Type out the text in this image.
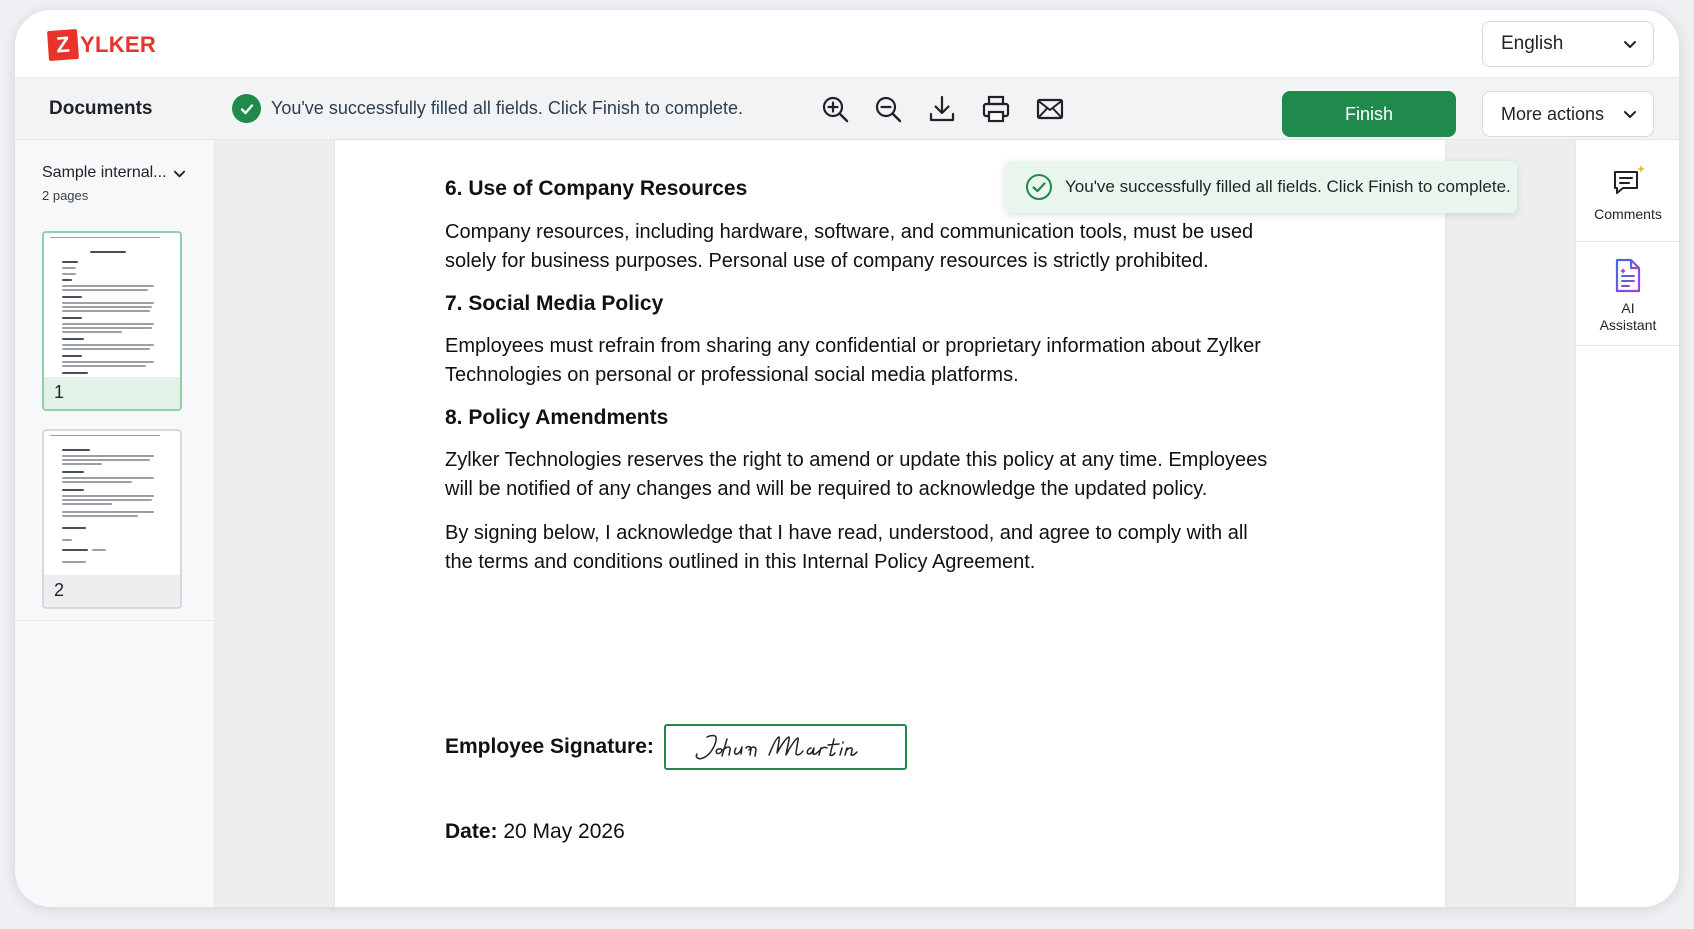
Z YLKER	English
Documents
Sample internal...
2 pages
1
2
You've successfully filled all fields. Click Finish to complete.	Finish	More actions
6. Use of Company Resources
Company resources, including hardware, software, and communication tools, must be used solely for business purposes. Personal use of company resources is strictly prohibited.
7. Social Media Policy
Employees must refrain from sharing any confidential or proprietary information about Zylker Technologies on personal or professional social media platforms.
8. Policy Amendments
Zylker Technologies reserves the right to amend or update this policy at any time. Employees will be notified of any changes and will be required to acknowledge the updated policy.
By signing below, I acknowledge that I have read, understood, and agree to comply with all the terms and conditions outlined in this Internal Policy Agreement.
Employee Signature:
Date: 20 May 2026
You've successfully filled all fields. Click Finish to complete.
Comments
AI
Assistant
